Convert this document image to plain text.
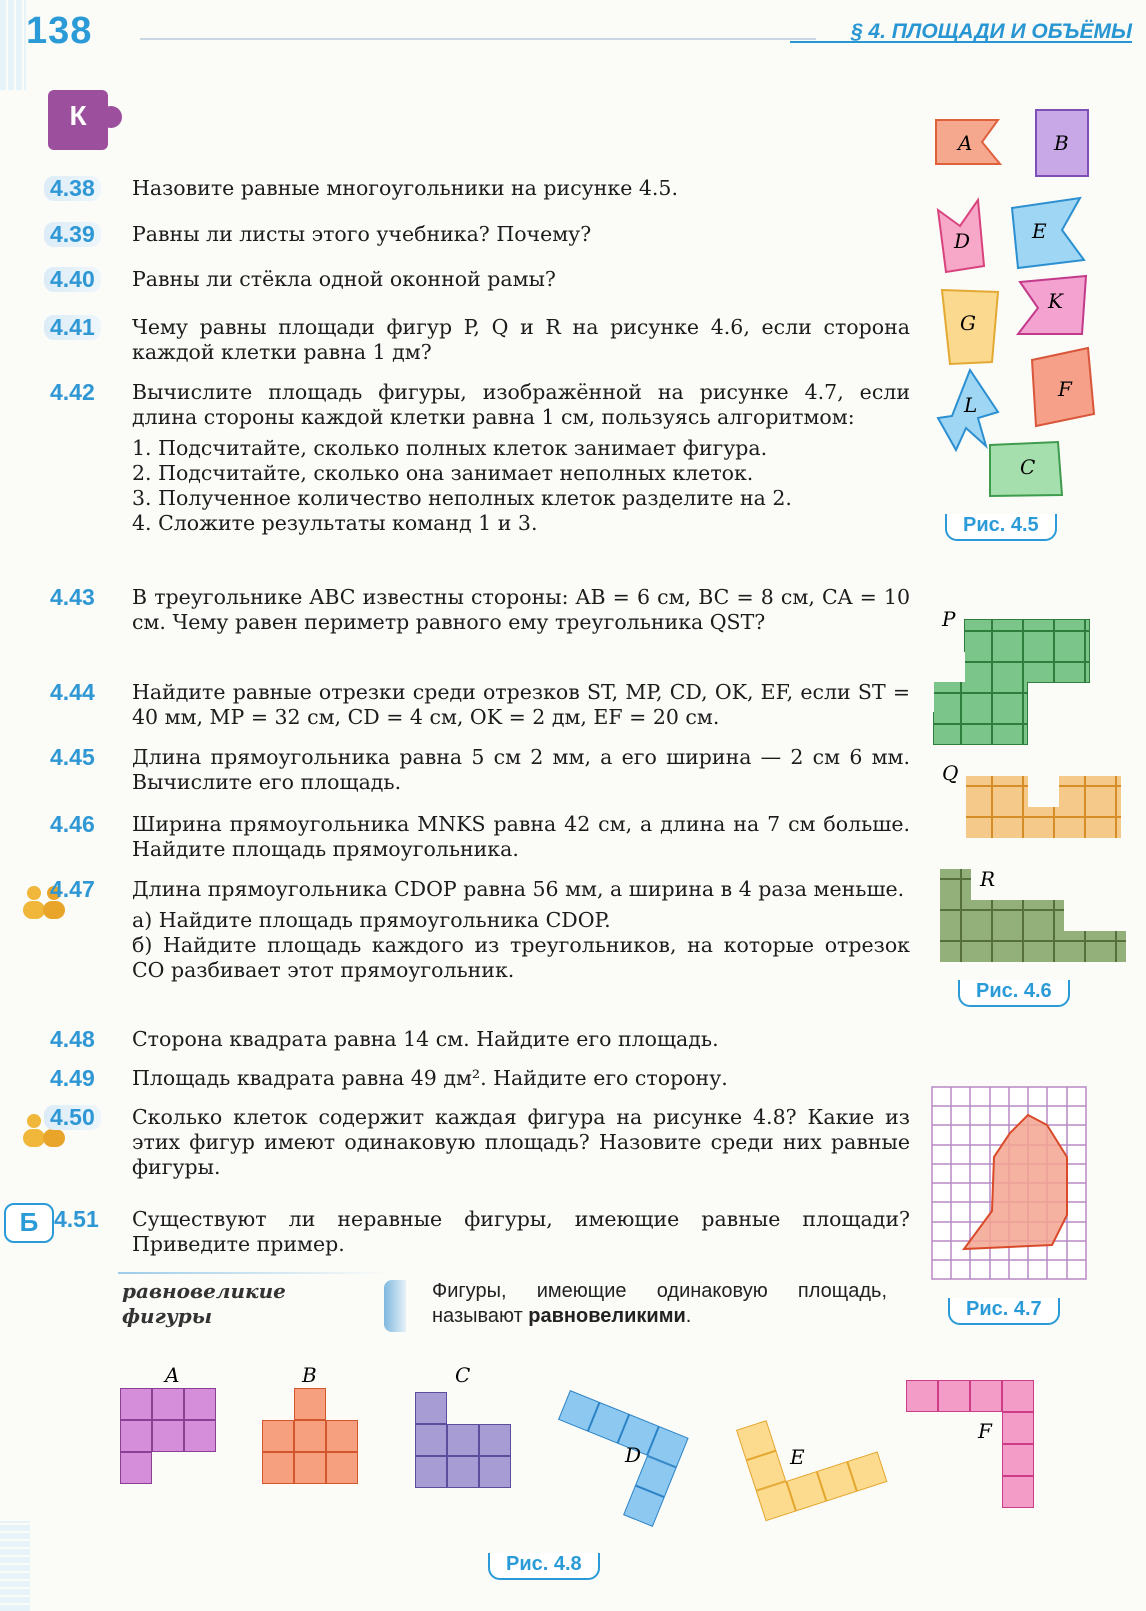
138	§ 4. ПЛОЩАДИ И ОБЪЁМЫ
К
4.38 Назовите равные многоугольники на рисунке 4.5.
4.39 Равны ли листы этого учебника? Почему?
4.40 Равны ли стёкла одной оконной рамы?
4.41 Чему равны площади фигур P, Q и R на рисунке 4.6, если сторона каждой клетки равна 1 дм?
4.42 Вычислите площадь фигуры, изображённой на рисунке 4.7, если длина стороны каждой клетки равна 1 см, пользуясь алгоритмом:
1. Подсчитайте, сколько полных клеток занимает фигура.
2. Подсчитайте, сколько она занимает неполных клеток.
3. Полученное количество неполных клеток разделите на 2.
4. Сложите результаты команд 1 и 3.
4.43 В треугольнике ABC известны стороны: AB = 6 см, BC = 8 см, CA = 10 см. Чему равен периметр равного ему треугольника QST?
4.44 Найдите равные отрезки среди отрезков ST, MP, CD, OK, EF, если ST = 40 мм, MP = 32 см, CD = 4 см, OK = 2 дм, EF = 20 см.
4.45 Длина прямоугольника равна 5 см 2 мм, а его ширина — 2 см 6 мм. Вычислите его площадь.
4.46 Ширина прямоугольника MNKS равна 42 см, а длина на 7 см больше. Найдите площадь прямоугольника.
4.47 Длина прямоугольника CDOP равна 56 мм, а ширина в 4 раза меньше.
а) Найдите площадь прямоугольника CDOP.
б) Найдите площадь каждого из треугольников, на которые отрезок CO разбивает этот прямоугольник.
4.48 Сторона квадрата равна 14 см. Найдите его площадь.
4.49 Площадь квадрата равна 49 дм². Найдите его сторону.
4.50 Сколько клеток содержит каждая фигура на рисунке 4.8? Какие из этих фигур имеют одинаковую площадь? Назовите среди них равные фигуры.
Б 4.51 Существуют ли неравные фигуры, имеющие равные площади? Приведите пример.
равновеликие фигуры
Фигуры, имеющие одинаковую площадь, называют равновеликими.
A	B
D	E
G
K
L
F
C
Рис. 4.5
P
Q
R
Рис. 4.6
Рис. 4.7
A	B	C
D	E
F
Рис. 4.8
